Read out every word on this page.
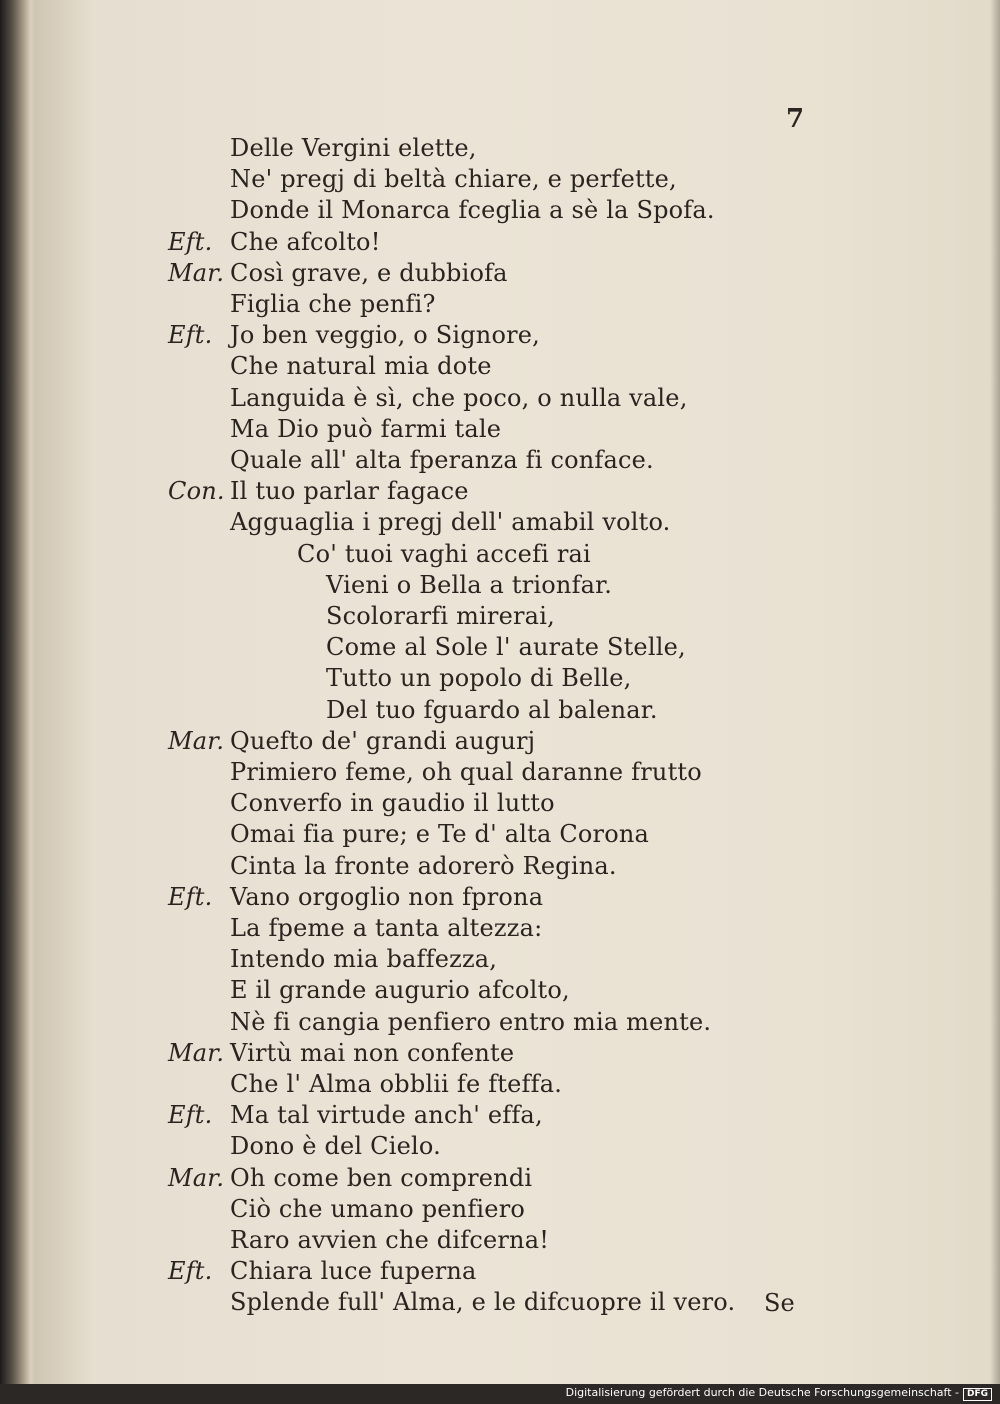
7
Delle Vergini elette,
Ne' pregj di beltà chiare, e perfette,
Donde il Monarca fceglia a sè la Spofa.
Eft. Che afcolto!
Mar. Così grave, e dubbiofa
Figlia che penfi?
Eft. Jo ben veggio, o Signore,
Che natural mia dote
Languida è sì, che poco, o nulla vale,
Ma Dio può farmi tale
Quale all' alta fperanza fi conface.
Con. Il tuo parlar fagace
Agguaglia i pregj dell' amabil volto.
Co' tuoi vaghi accefi rai
Vieni o Bella a trionfar.
Scolorarfi mirerai,
Come al Sole l' aurate Stelle,
Tutto un popolo di Belle,
Del tuo fguardo al balenar.
Mar. Quefto de' grandi augurj
Primiero feme, oh qual daranne frutto
Converfo in gaudio il lutto
Omai fia pure; e Te d' alta Corona
Cinta la fronte adorerò Regina.
Eft. Vano orgoglio non fprona
La fpeme a tanta altezza:
Intendo mia baffezza,
E il grande augurio afcolto,
Nè fi cangia penfiero entro mia mente.
Mar. Virtù mai non confente
Che l' Alma obblii fe fteffa.
Eft. Ma tal virtude anch' effa,
Dono è del Cielo.
Mar. Oh come ben comprendi
Ciò che umano penfiero
Raro avvien che difcerna!
Eft. Chiara luce fuperna
Splende full' Alma, e le difcuopre il vero. Se
Digitalisierung gefördert durch die Deutsche Forschungsgemeinschaft - DFG
